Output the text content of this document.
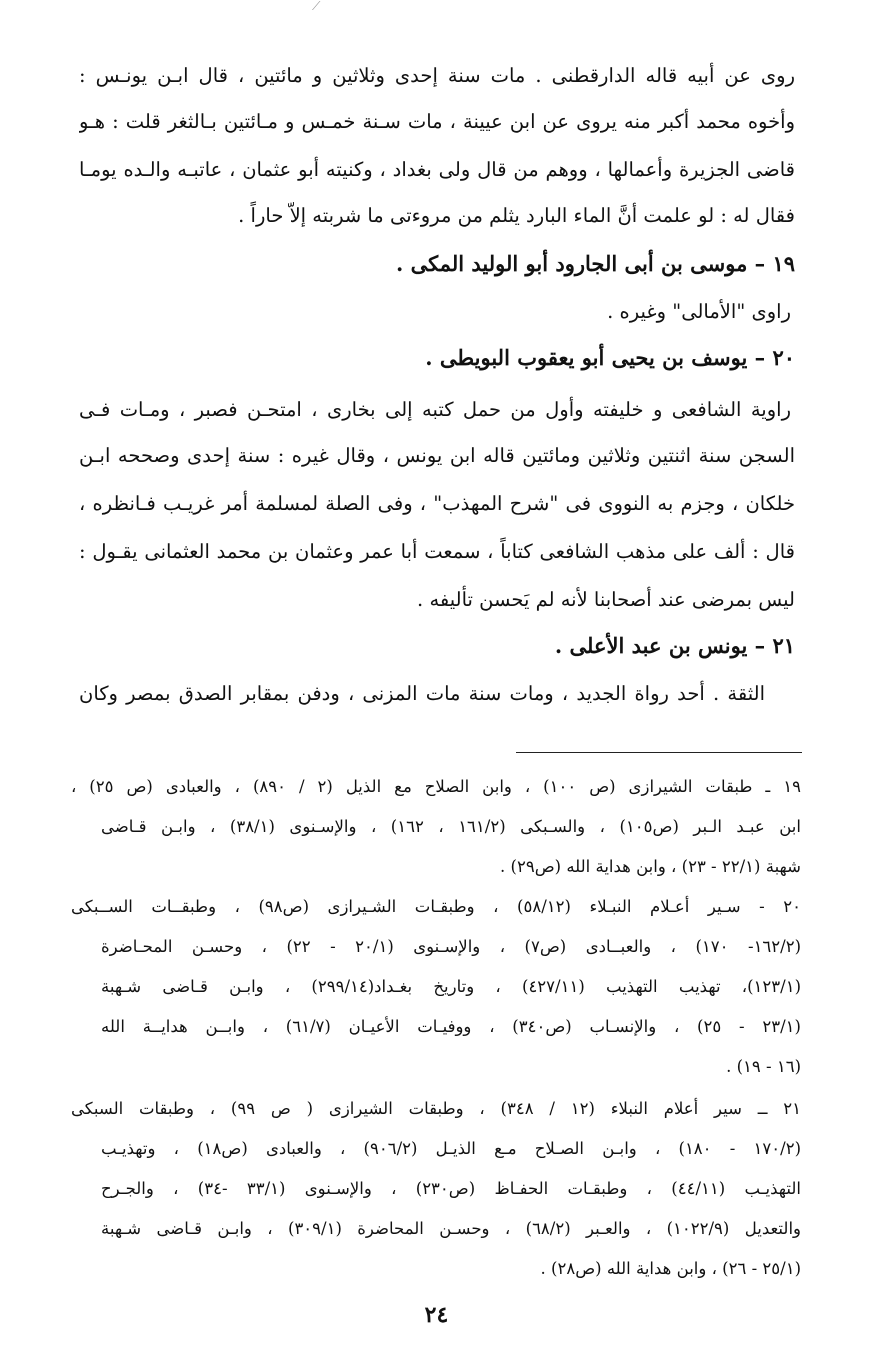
⟋
روى عن أبيه قاله الدارقطنى . مات سنة إحدى وثلاثين و مائتين ، قال ابـن يونـس :
وأخوه محمد أكبر منه يروى عن ابن عيينة ، مات سـنة خمـس و مـائتين بـالثغر قلت : هـو
قاضى الجزيرة وأعمالها ، ووهم من قال ولى بغداد ، وكنيته أبو عثمان ، عاتبـه والـده يومـا
فقال له : لو علمت أنَّ الماء البارد يثلم من مروءتى ما شربته إلاّ حاراً .
١٩ – موسى بن أبى الجارود أبو الوليد المكى .
راوى "الأمالى" وغيره .
٢٠ – يوسف بن يحيى أبو يعقوب البويطى .
راوية الشافعى و خليفته وأول من حمل كتبه إلى بخارى ، امتحـن فصبر ، ومـات فـى
السجن سنة اثنتين وثلاثين ومائتين قاله ابن يونس ، وقال غيره : سنة إحدى وصححه ابـن
خلكان ، وجزم به النووى فى "شرح المهذب" ، وفى الصلة لمسلمة أمر غريـب فـانظره ،
قال : ألف على مذهب الشافعى كتاباً ، سمعت أبا عمر وعثمان بن محمد العثمانى يقـول :
ليس بمرضى عند أصحابنا لأنه لم يَحسن تأليفه .
٢١ – يونس بن عبد الأعلى .
الثقة . أحد رواة الجديد ، ومات سنة مات المزنى ، ودفن بمقابر الصدق بمصر وكان
١٩ ـ طبقات الشيرازى (ص ١٠٠) ، وابن الصلاح مع الذيل (٢ / ٨٩٠) ، والعبادى (ص ٢٥) ،
ابن عبـد الـبر (ص١٠٥) ، والسـبكى (١٦١/٢ ، ١٦٢) ، والإسـنوى (٣٨/١) ، وابـن قـاضى
شهبة (٢٢/١ - ٢٣) ، وابن هداية الله (ص٢٩) .
٢٠ - سـير أعـلام النبـلاء (٥٨/١٢) ، وطبقـات الشـيرازى (ص٩٨) ، وطبقــات الســبكى
(١٦٢/٢- ١٧٠) ، والعبــادى (ص٧) ، والإسـنوى (٢٠/١ - ٢٢) ، وحسـن المحـاضرة
(١٢٣/١)، تهذيب التهذيب (٤٢٧/١١) ، وتاريخ بغـداد(٢٩٩/١٤) ، وابـن قـاضى شـهبة
(٢٣/١ - ٢٥) ، والإنسـاب (ص٣٤٠) ، ووفيـات الأعيـان (٦١/٧) ، وابــن هدايــة الله
(١٦ - ١٩) .
٢١ ــ سير أعلام النبلاء (١٢ / ٣٤٨) ، وطبقات الشيرازى ( ص ٩٩) ، وطبقات السبكى
(١٧٠/٢ - ١٨٠) ، وابـن الصـلاح مـع الذيـل (٩٠٦/٢) ، والعبادى (ص١٨) ، وتهذيـب
التهذيـب (٤٤/١١) ، وطبقـات الحفـاظ (ص٢٣٠) ، والإسـنوى (٣٣/١ -٣٤) ، والجـرح
والتعديل (١٠٢٢/٩) ، والعـبر (٦٨/٢) ، وحسـن المحاضرة (٣٠٩/١) ، وابـن قـاضى شـهبة
(٢٥/١ - ٢٦) ، وابن هداية الله (ص٢٨) .
٢٤
